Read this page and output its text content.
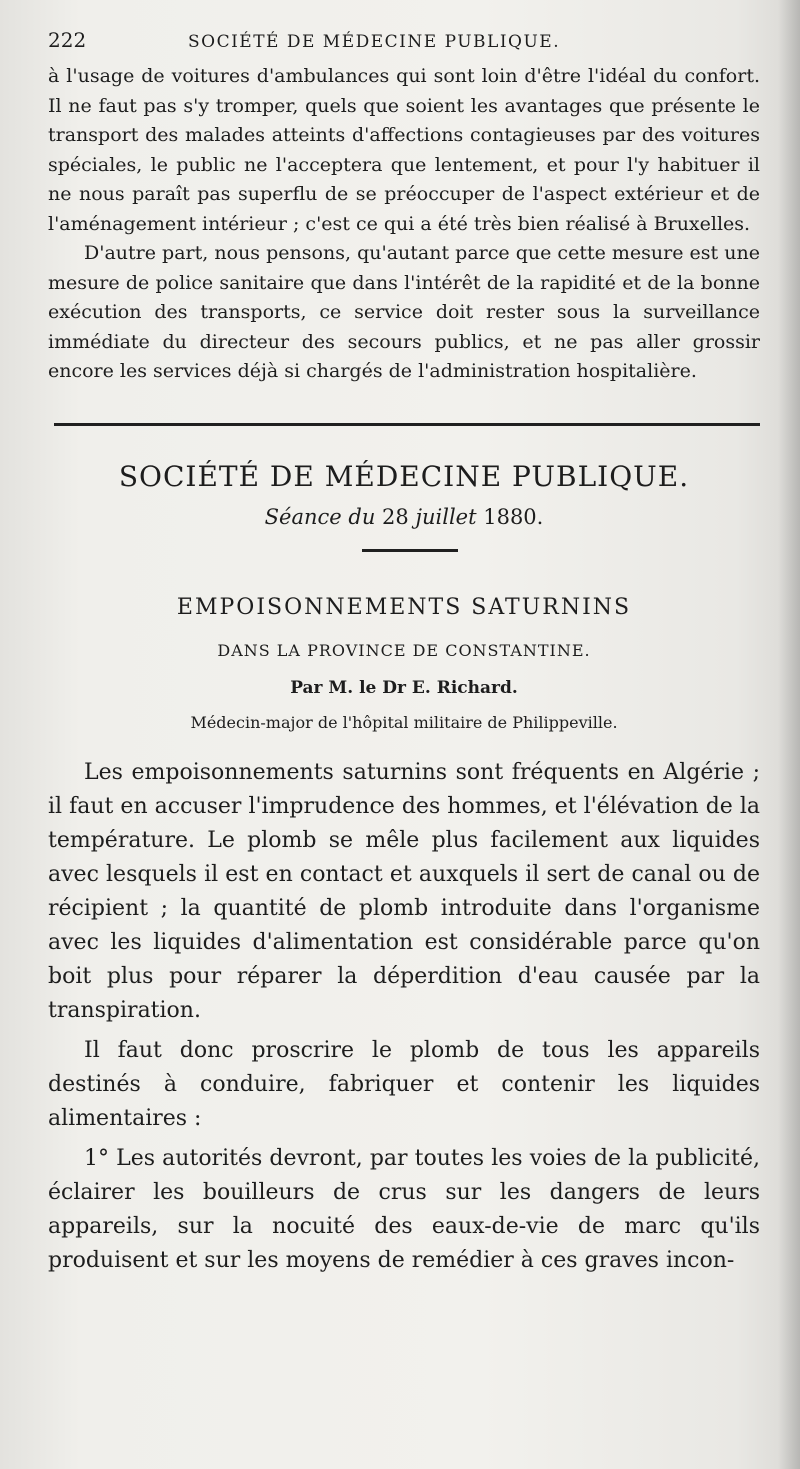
222	SOCIÉTÉ DE MÉDECINE PUBLIQUE.

à l'usage de voitures d'ambulances qui sont loin d'être l'idéal du confort. Il ne faut pas s'y tromper, quels que soient les avantages que présente le transport des malades atteints d'affections contagieuses par des voitures spéciales, le public ne l'acceptera que lentement, et pour l'y habituer il ne nous paraît pas superflu de se préoccuper de l'aspect extérieur et de l'aménagement intérieur ; c'est ce qui a été très bien réalisé à Bruxelles.

D'autre part, nous pensons, qu'autant parce que cette mesure est une mesure de police sanitaire que dans l'intérêt de la rapidité et de la bonne exécution des transports, ce service doit rester sous la surveillance immédiate du directeur des secours publics, et ne pas aller grossir encore les services déjà si chargés de l'administration hospitalière.

SOCIÉTÉ DE MÉDECINE PUBLIQUE.
Séance du 28 juillet 1880.
EMPOISONNEMENTS SATURNINS
DANS LA PROVINCE DE CONSTANTINE.
Par M. le Dr E. Richard.
Médecin-major de l'hôpital militaire de Philippeville.

Les empoisonnements saturnins sont fréquents en Algérie ; il faut en accuser l'imprudence des hommes, et l'élévation de la température. Le plomb se mêle plus facilement aux liquides avec lesquels il est en contact et auxquels il sert de canal ou de récipient ; la quantité de plomb introduite dans l'organisme avec les liquides d'alimentation est considérable parce qu'on boit plus pour réparer la déperdition d'eau causée par la transpiration.

Il faut donc proscrire le plomb de tous les appareils destinés à conduire, fabriquer et contenir les liquides alimentaires :

1° Les autorités devront, par toutes les voies de la publicité, éclairer les bouilleurs de crus sur les dangers de leurs appareils, sur la nocuité des eaux-de-vie de marc qu'ils produisent et sur les moyens de remédier à ces graves incon-
